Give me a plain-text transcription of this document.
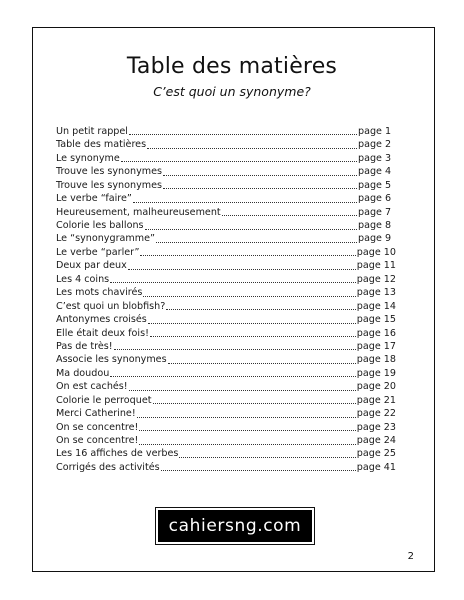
Table des matières
C’est quoi un synonyme?
Un petit rappel	page 1
Table des matières	page 2
Le synonyme	page 3
Trouve les synonymes	page 4
Trouve les synonymes	page 5
Le verbe “faire”	page 6
Heureusement, malheureusement	page 7
Colorie les ballons	page 8
Le “synonygramme”	page 9
Le verbe “parler”	page 10
Deux par deux	page 11
Les 4 coins	page 12
Les mots chavirés	page 13
C’est quoi un blobfish?	page 14
Antonymes croisés	page 15
Elle était deux fois!	page 16
Pas de très!	page 17
Associe les synonymes	page 18
Ma doudou	page 19
On est cachés!	page 20
Colorie le perroquet	page 21
Merci Catherine!	page 22
On se concentre!	page 23
On se concentre!	page 24
Les 16 affiches de verbes	page 25
Corrigés des activités	page 41
cahiersng.com
2
